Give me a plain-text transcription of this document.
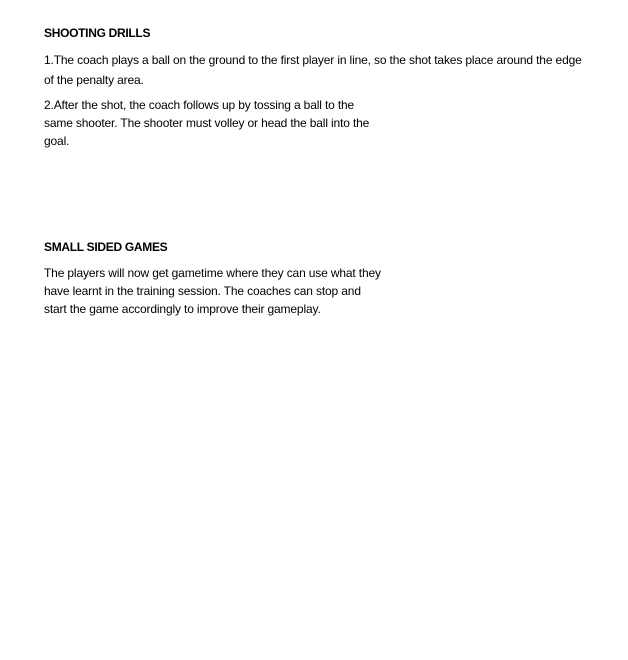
SHOOTING DRILLS

1.The coach plays a ball on the ground to the first player in line, so the shot takes place around the edge of the penalty area.

2.After the shot, the coach follows up by tossing a ball to the same shooter. The shooter must volley or head the ball into the goal.

SMALL SIDED GAMES

The players will now get gametime where they can use what they have learnt in the training session. The coaches can stop and start the game accordingly to improve their gameplay.
